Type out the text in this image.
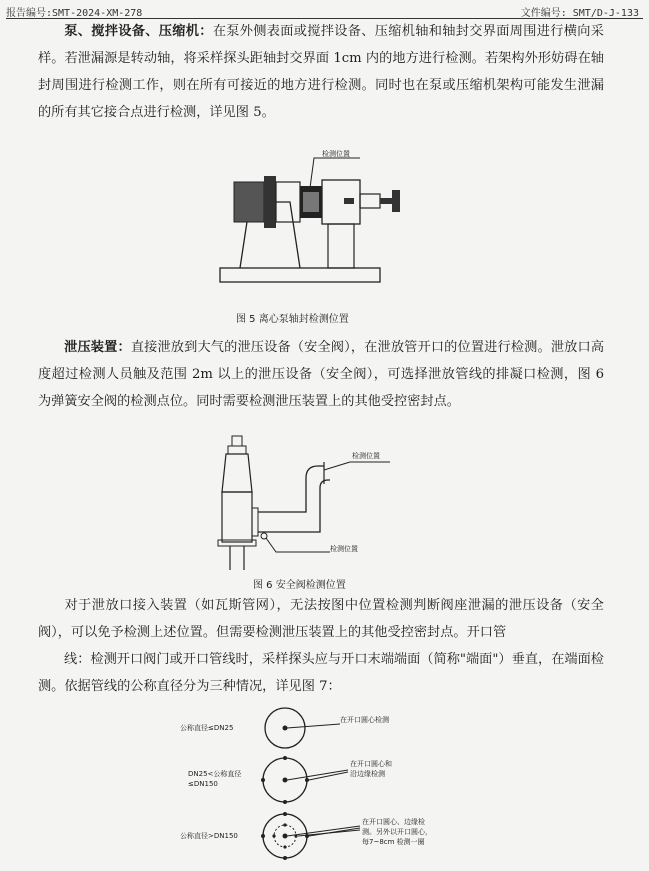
报告编号:SMT-2024-XM-278	文件编号: SMT/D-J-133

泵、搅拌设备、压缩机：在泵外侧表面或搅拌设备、压缩机轴和轴封交界面周围进行横向采样。若泄漏源是转动轴，将采样探头距轴封交界面 1cm 内的地方进行检测。若架构外形妨碍在轴封周围进行检测工作，则在所有可接近的地方进行检测。同时也在泵或压缩机架构可能发生泄漏的所有其它接合点进行检测，详见图 5。

检测位置
图 5 离心泵轴封检测位置

泄压装置：直接泄放到大气的泄压设备（安全阀），在泄放管开口的位置进行检测。泄放口高度超过检测人员触及范围 2m 以上的泄压设备（安全阀），可选择泄放管线的排凝口检测，图 6 为弹簧安全阀的检测点位。同时需要检测泄压装置上的其他受控密封点。

检测位置
检测位置
图 6 安全阀检测位置

对于泄放口接入装置（如瓦斯管网），无法按图中位置检测判断阀座泄漏的泄压设备（安全阀），可以免予检测上述位置。但需要检测泄压装置上的其他受控密封点。开口管

线：检测开口阀门或开口管线时，采样探头应与开口末端端面（简称"端面"）垂直，在端面检测。依据管线的公称直径分为三种情况，详见图 7：

公称直径≤DN25
在开口圆心检测
DN25<公称直径
≤DN150
在开口圆心和
沿边缘检测
公称直径>DN150
在开口圆心、边缘检
测。另外以开口圆心，
每7~8cm 检测一圈
